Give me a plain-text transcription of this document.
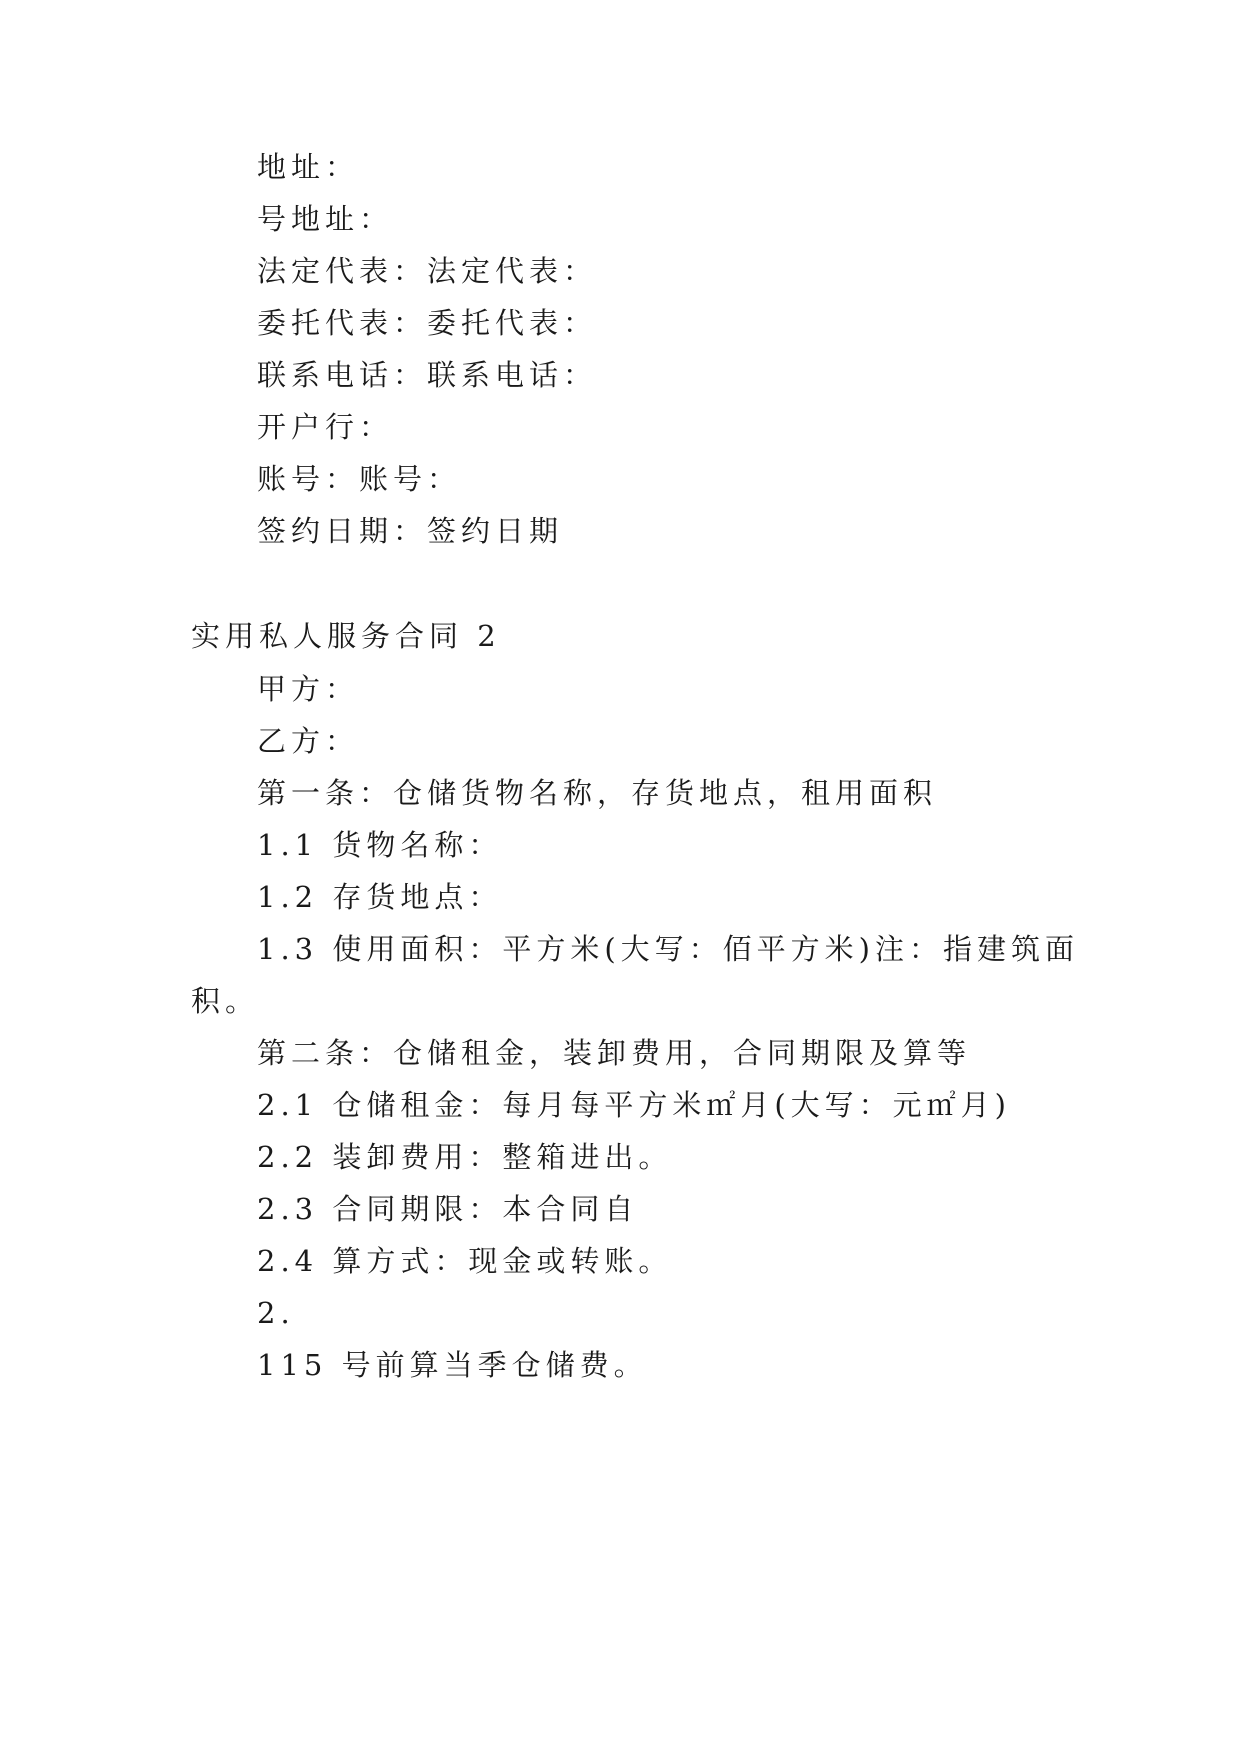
地址：

号地址：

法定代表：法定代表：

委托代表：委托代表：

联系电话：联系电话：

开户行：

账号：账号：

签约日期：签约日期

实用私人服务合同 2

甲方：

乙方：

第一条：仓储货物名称，存货地点，租用面积

1.1 货物名称：

1.2 存货地点：

1.3 使用面积：平方米(大写：佰平方米)注：指建筑面

积。

第二条：仓储租金，装卸费用，合同期限及算等

2.1 仓储租金：每月每平方米㎡月(大写：元㎡月)

2.2 装卸费用：整箱进出。

2.3 合同期限：本合同自

2.4 算方式：现金或转账。

2.

115 号前算当季仓储费。
